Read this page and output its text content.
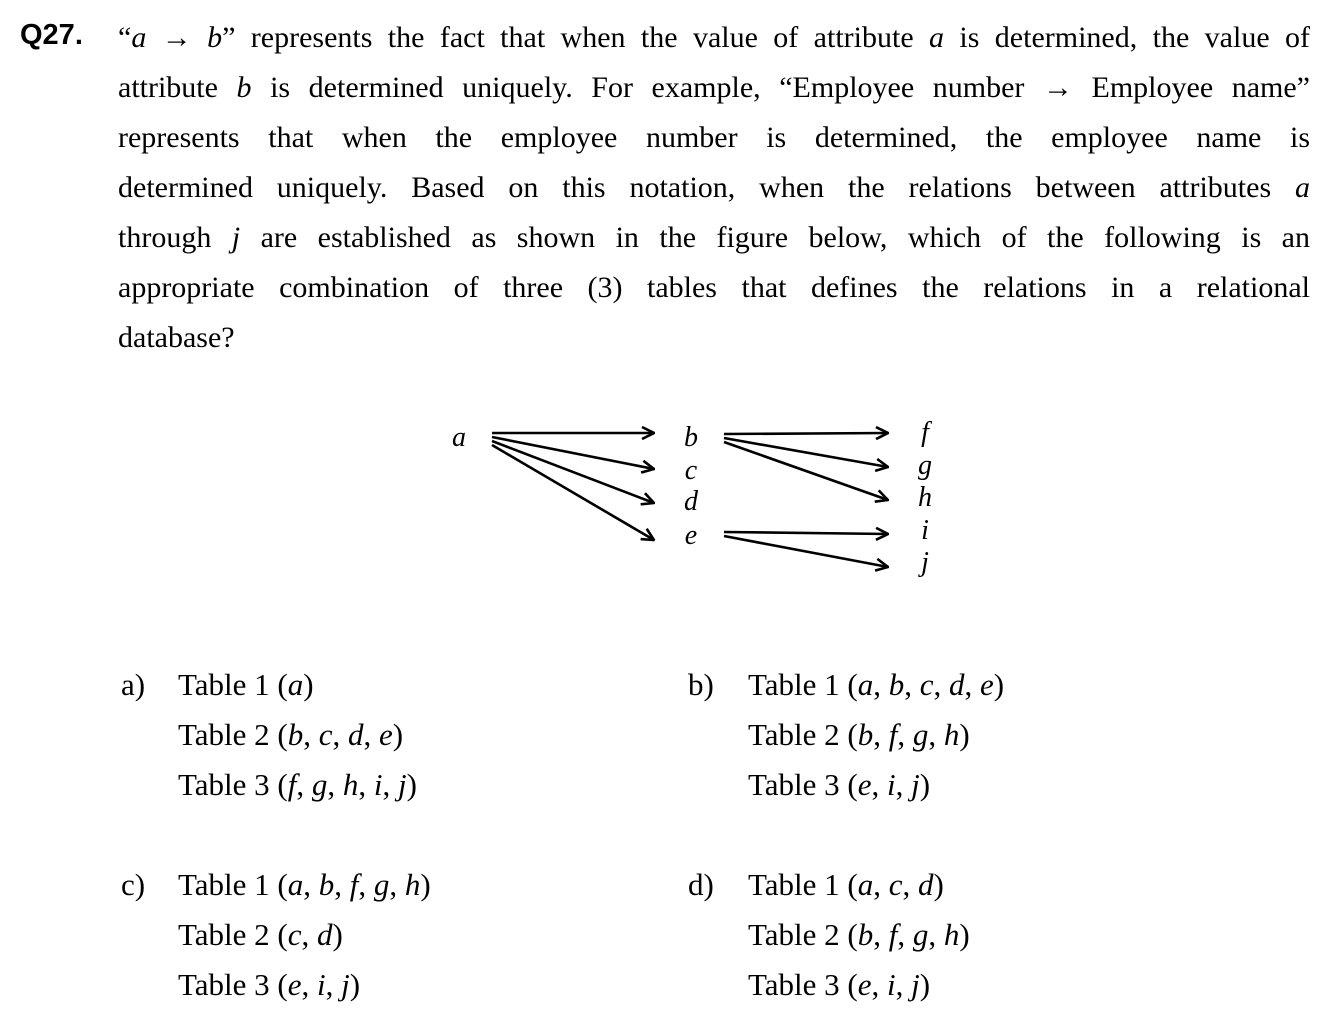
Q27. “a → b” represents the fact that when the value of attribute a is determined, the value of
attribute b is determined uniquely. For example, “Employee number → Employee name”
represents that when the employee number is determined, the employee name is
determined uniquely. Based on this notation, when the relations between attributes a
through j are established as shown in the figure below, which of the following is an
appropriate combination of three (3) tables that defines the relations in a relational
database?
a	b
c
d
e
f
g
h
i
j
a) Table 1 (a)
Table 2 (b, c, d, e)
Table 3 (f, g, h, i, j)
b) Table 1 (a, b, c, d, e)
Table 2 (b, f, g, h)
Table 3 (e, i, j)
c) Table 1 (a, b, f, g, h)
Table 2 (c, d)
Table 3 (e, i, j)
d) Table 1 (a, c, d)
Table 2 (b, f, g, h)
Table 3 (e, i, j)
